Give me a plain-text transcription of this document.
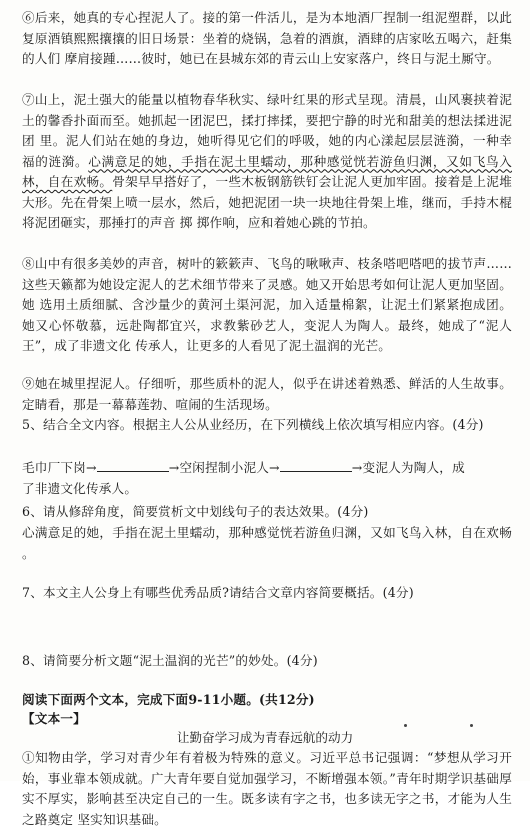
⑥后来，她真的专心捏泥人了。接的第一件活儿，是为本地酒厂捏制一组泥塑群，以此复原酒镇熙熙攘攘的旧日场景：坐着的烧锅，急着的酒旗，酒肆的店家吆五喝六，赶集的人们 摩肩接踵……彼时，她已在县城东郊的青云山上安家落户，终日与泥土厮守。

⑦山上，泥土强大的能量以植物春华秋实、绿叶红果的形式呈现。清晨，山风裹挟着泥土的馨香扑面而至。她抓起一团泥巴，揉打摔揉，要把宁静的时光和甜美的想法揉进泥团 里。泥人们站在她的身边，她听得见它们的呼吸，她的内心漾起层层涟漪，一种幸福的涟漪。心满意足的她，手指在泥土里蠕动，那种感觉恍若游鱼归渊，又如飞鸟入林，自在欢畅。骨架早早搭好了，一些木板钢筋铁钉会让泥人更加牢固。接着是上泥堆大形。先在骨架上喷一层水，然后，她把泥团一块一块地往骨架上堆，继而，手持木棍将泥团砸实，那捶打的声音 掷 掷作响，应和着她心跳的节拍。

⑧山中有很多美妙的声音，树叶的簌簌声、飞鸟的啾啾声、枝条嗒吧嗒吧的拔节声…… 这些天籁都为她设定泥人的艺术细节带来了灵感。她又开始思考如何让泥人更加坚固。她 选用土质细腻、含沙量少的黄河土渠河泥，加入适量棉絮，让泥土们紧紧抱成团。她又心怀敬慕，远赴陶都宜兴，求教紫砂艺人，变泥人为陶人。最终，她成了“泥人王”，成了非遗文化 传承人，让更多的人看见了泥土温润的光芒。

⑨她在城里捏泥人。仔细听，那些质朴的泥人，似乎在讲述着熟悉、鲜活的人生故事。定睛看，那是一幕幕莲勃、喧闹的生活现场。

5、结合全文内容。根据主人公从业经历，在下列横线上依次填写相应内容。(4分)

毛巾厂下岗→	→空闲捏制小泥人→	→变泥人为陶人，成

了非遗文化传承人。

6、请从修辞角度，简要赏析文中划线句子的表达效果。(4分)

心满意足的她，手指在泥土里蠕动，那种感觉恍若游鱼归渊，又如飞鸟入林，自在欢畅 。

7、本文主人公身上有哪些优秀品质?请结合文章内容简要概括。(4分)

8、请简要分析文题“泥土温润的光芒”的妙处。(4分)

阅读下面两个文本，完成下面9-11小题。(共12分)

【文本一】

让勤奋学习成为青春远航的动力

①知物由学，学习对青少年有着极为特殊的意义。习近平总书记强调：“梦想从学习开始，事业靠本领成就。广大青年要自觉加强学习，不断增强本领。”青年时期学识基础厚实不厚实，影响甚至决定自己的一生。既多读有字之书，也多读无字之书，才能为人生之路奠定 坚实知识基础。
